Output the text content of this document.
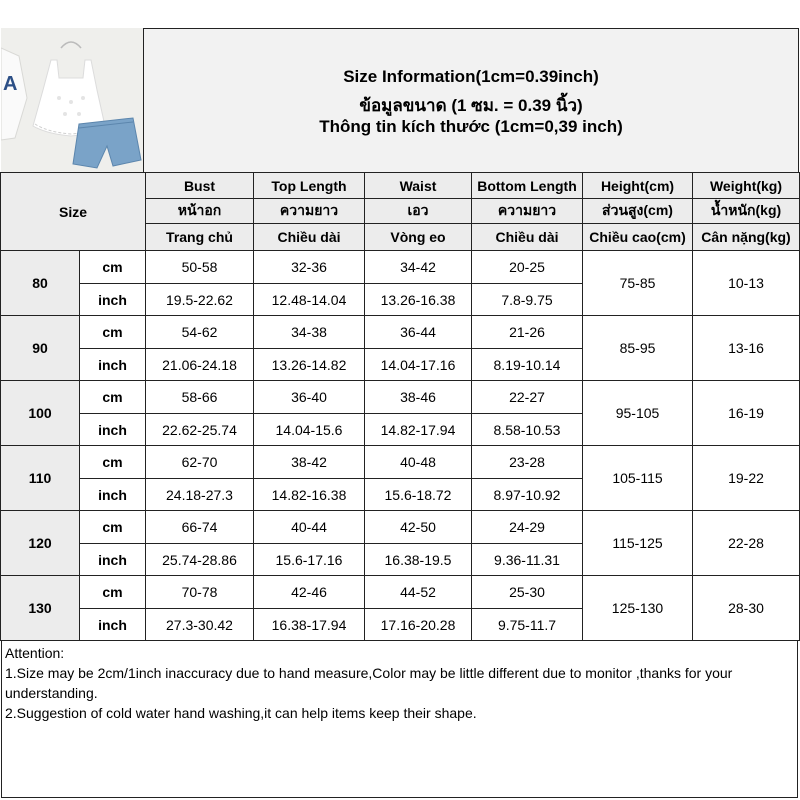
A	Size Information(1cm=0.39inch)
ข้อมูลขนาด (1 ซม. = 0.39 นิ้ว)
Thông tin kích thước (1cm=0,39 inch)
Size		Bust	Top Length	Waist	Bottom Length	Height(cm)	Weight(kg)
		หน้าอก	ความยาว	เอว	ความยาว	ส่วนสูง(cm)	น้ำหนัก(kg)
		Trang chủ	Chiều dài	Vòng eo	Chiều dài	Chiều cao(cm)	Cân nặng(kg)
80	cm	50-58	32-36	34-42	20-25	75-85	10-13
	inch	19.5-22.62	12.48-14.04	13.26-16.38	7.8-9.75		
90	cm	54-62	34-38	36-44	21-26	85-95	13-16
	inch	21.06-24.18	13.26-14.82	14.04-17.16	8.19-10.14		
100	cm	58-66	36-40	38-46	22-27	95-105	16-19
	inch	22.62-25.74	14.04-15.6	14.82-17.94	8.58-10.53		
110	cm	62-70	38-42	40-48	23-28	105-115	19-22
	inch	24.18-27.3	14.82-16.38	15.6-18.72	8.97-10.92		
120	cm	66-74	40-44	42-50	24-29	115-125	22-28
	inch	25.74-28.86	15.6-17.16	16.38-19.5	9.36-11.31		
130	cm	70-78	42-46	44-52	25-30	125-130	28-30
	inch	27.3-30.42	16.38-17.94	17.16-20.28	9.75-11.7		
Attention:
1.Size may be 2cm/1inch inaccuracy due to hand measure,Color may be little different due to monitor ,thanks for your understanding.
2.Suggestion of cold water hand washing,it can help items keep their shape.
